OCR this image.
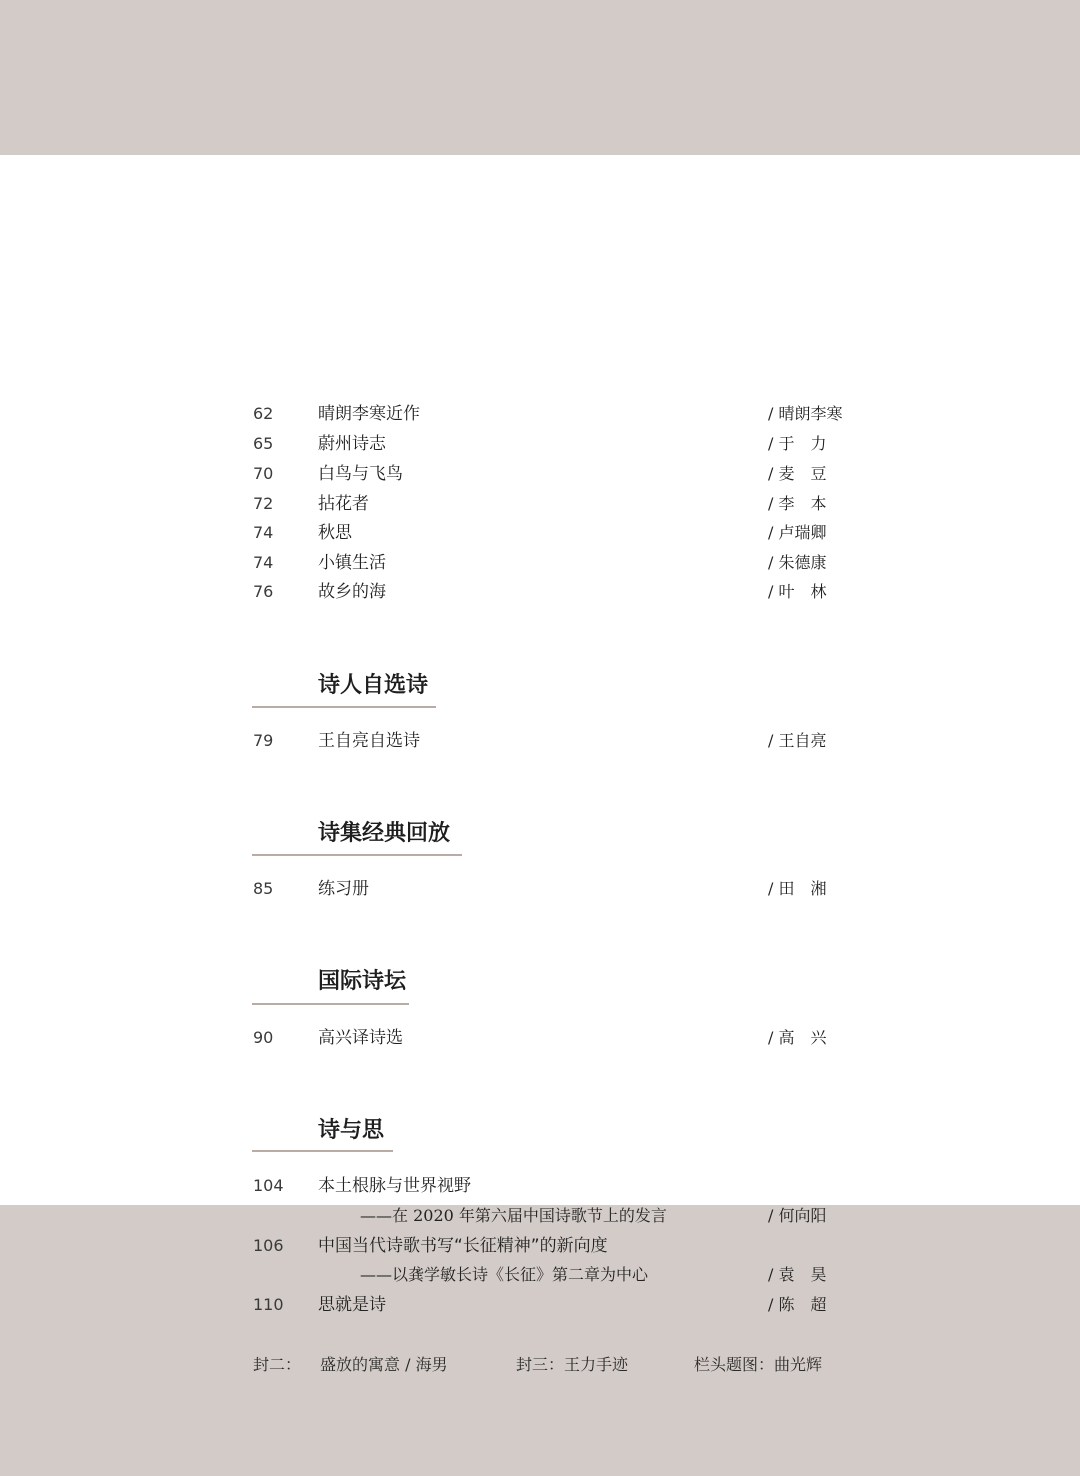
62	晴朗李寒近作	/ 晴朗李寒
65	蔚州诗志	/ 于　力
70	白鸟与飞鸟	/ 麦　豆
72	拈花者	/ 李　本
74	秋思	/ 卢瑞卿
74	小镇生活	/ 朱德康
76	故乡的海	/ 叶　林
诗人自选诗
79	王自亮自选诗	/ 王自亮
诗集经典回放
85	练习册	/ 田　湘
国际诗坛
90	高兴译诗选	/ 高　兴
诗与思
104 本土根脉与世界视野
——在 2020 年第六届中国诗歌节上的发言	/ 何向阳
106 中国当代诗歌书写“长征精神”的新向度
——以龚学敏长诗《长征》第二章为中心	/ 袁　昊
110 思就是诗	/ 陈　超
封二： 盛放的寓意 / 海男	封三：王力手迹	栏头题图：曲光辉
